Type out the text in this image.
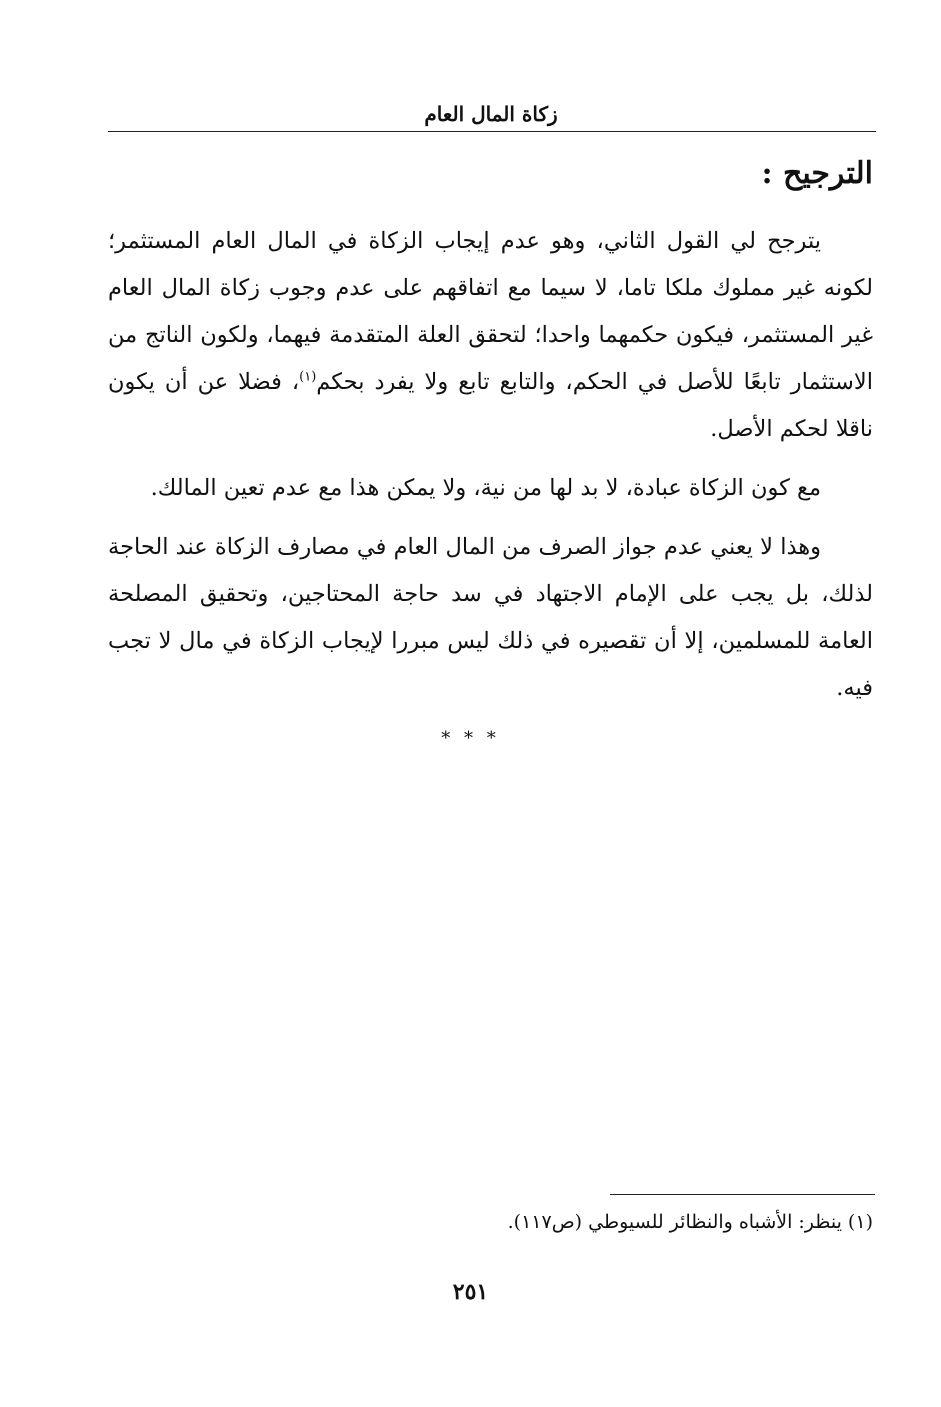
زكاة المال العام
الترجيح :

يترجح لي القول الثاني، وهو عدم إيجاب الزكاة في المال العام المستثمر؛ لكونه غير مملوك ملكا تاما، لا سيما مع اتفاقهم على عدم وجوب زكاة المال العام غير المستثمر، فيكون حكمهما واحدا؛ لتحقق العلة المتقدمة فيهما، ولكون الناتج من الاستثمار تابعًا للأصل في الحكم، والتابع تابع ولا يفرد بحكم$^{(١)}$، فضلا عن أن يكون ناقلا لحكم الأصل.

مع كون الزكاة عبادة، لا بد لها من نية، ولا يمكن هذا مع عدم تعين المالك.

وهذا لا يعني عدم جواز الصرف من المال العام في مصارف الزكاة عند الحاجة لذلك، بل يجب على الإمام الاجتهاد في سد حاجة المحتاجين، وتحقيق المصلحة العامة للمسلمين، إلا أن تقصيره في ذلك ليس مبررا لإيجاب الزكاة في مال لا تجب فيه.

* * *
(١) ينظر: الأشباه والنظائر للسيوطي (ص١١٧).
٢٥١
